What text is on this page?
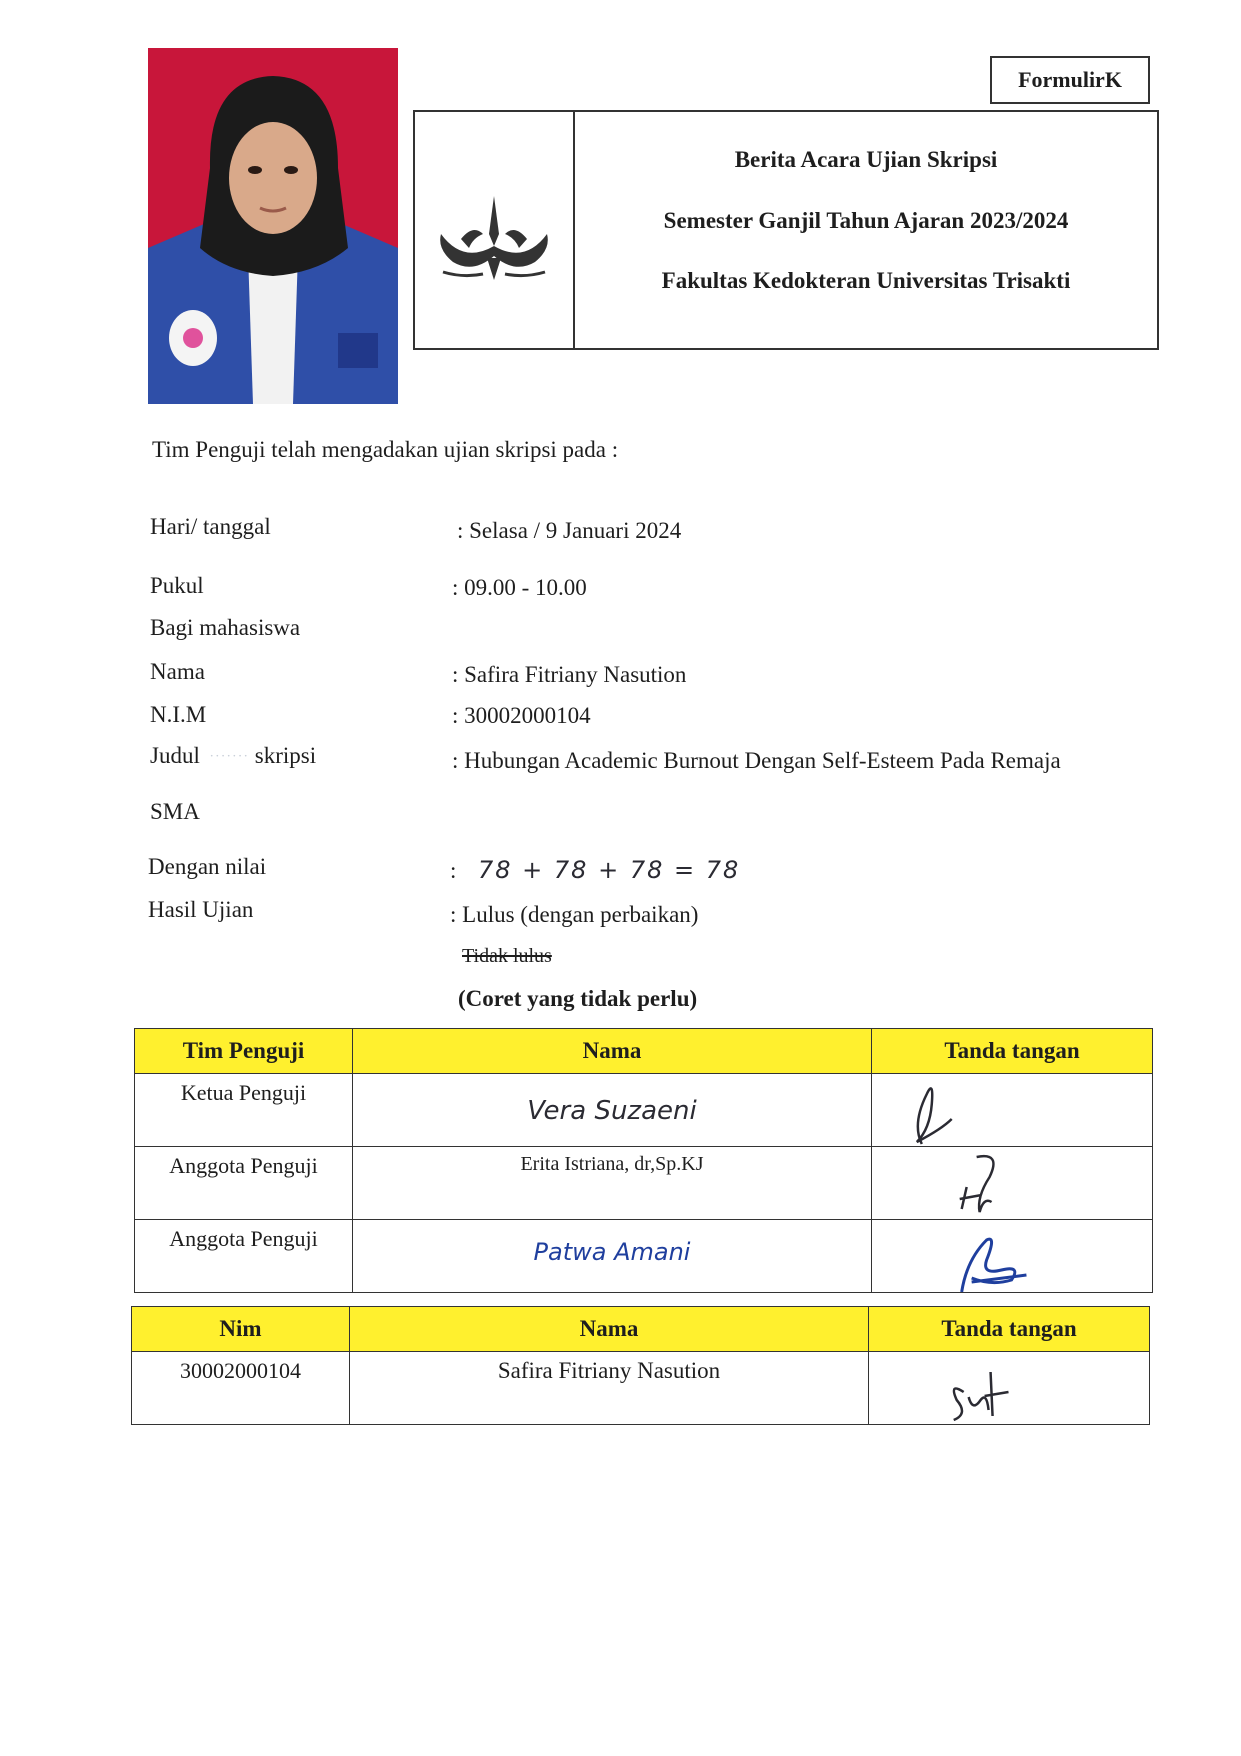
FormulirK
Berita Acara Ujian Skripsi
Semester Ganjil Tahun Ajaran 2023/2024
Fakultas Kedokteran Universitas Trisakti
Tim Penguji telah mengadakan ujian skripsi pada :
Hari/ tanggal	: Selasa / 9 Januari 2024
Pukul	: 09.00 - 10.00
Bagi mahasiswa
Nama	: Safira Fitriany Nasution
N.I.M	: 30002000104
Judul  ······· skripsi	: Hubungan Academic Burnout Dengan Self-Esteem Pada Remaja
SMA
Dengan nilai	: 78 + 78 + 78 = 78
Hasil Ujian	: Lulus (dengan perbaikan)
Tidak lulus
(Coret yang tidak perlu)
Tim Penguji	Nama	Tanda tangan

Ketua Penguji	Vera Suzaeni

Anggota Penguji	Erita Istriana, dr,Sp.KJ

Anggota Penguji	Patwa Amani

Nim	Nama	Tanda tangan

30002000104	Safira Fitriany Nasution
